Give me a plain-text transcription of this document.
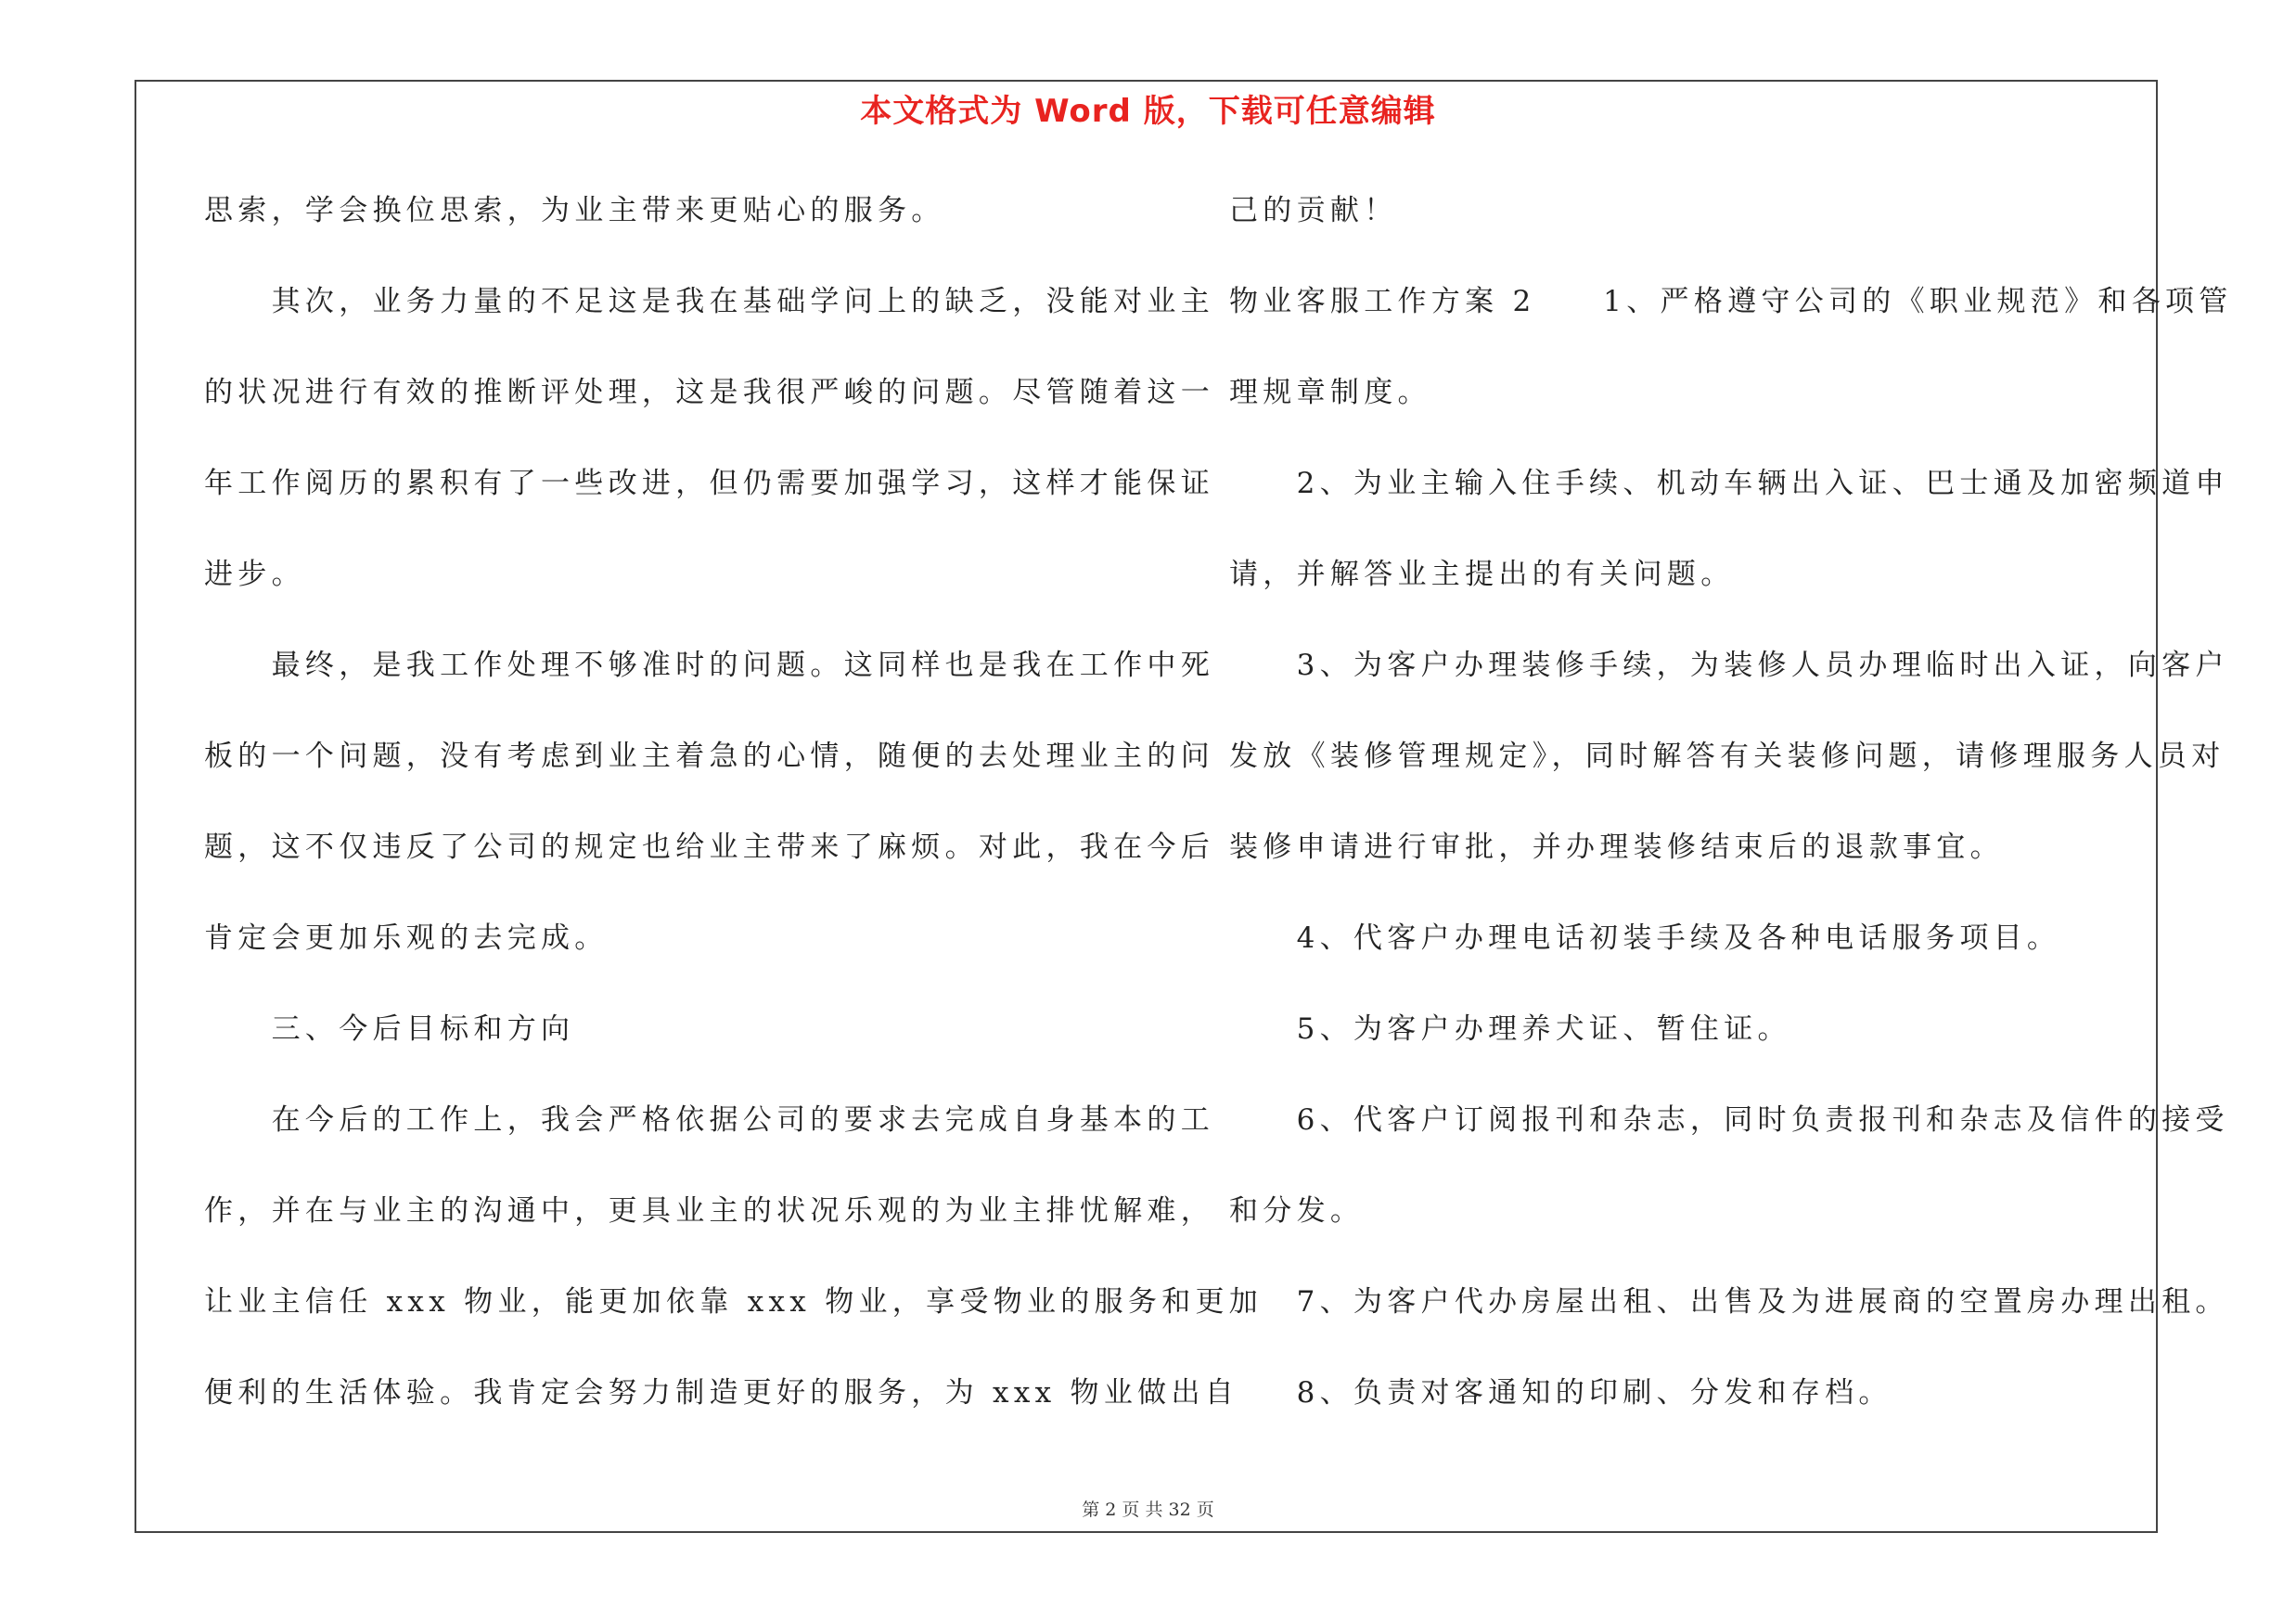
本文格式为 Word 版，下载可任意编辑
思索，学会换位思索，为业主带来更贴心的服务。
　　其次，业务力量的不足这是我在基础学问上的缺乏，没能对业主
的状况进行有效的推断评处理，这是我很严峻的问题。尽管随着这一
年工作阅历的累积有了一些改进，但仍需要加强学习，这样才能保证
进步。
　　最终，是我工作处理不够准时的问题。这同样也是我在工作中死
板的一个问题，没有考虑到业主着急的心情，随便的去处理业主的问
题，这不仅违反了公司的规定也给业主带来了麻烦。对此，我在今后
肯定会更加乐观的去完成。
　　三、今后目标和方向
　　在今后的工作上，我会严格依据公司的要求去完成自身基本的工
作，并在与业主的沟通中，更具业主的状况乐观的为业主排忧解难，
让业主信任 xxx 物业，能更加依靠 xxx 物业，享受物业的服务和更加
便利的生活体验。我肯定会努力制造更好的服务，为 xxx 物业做出自
己的贡献！
物业客服工作方案 2　　1、严格遵守公司的《职业规范》和各项管
理规章制度。
　　2、为业主输入住手续、机动车辆出入证、巴士通及加密频道申
请，并解答业主提出的有关问题。
　　3、为客户办理装修手续，为装修人员办理临时出入证，向客户
发放《装修管理规定》，同时解答有关装修问题，请修理服务人员对
装修申请进行审批，并办理装修结束后的退款事宜。
　　4、代客户办理电话初装手续及各种电话服务项目。
　　5、为客户办理养犬证、暂住证。
　　6、代客户订阅报刊和杂志，同时负责报刊和杂志及信件的接受
和分发。
　　7、为客户代办房屋出租、出售及为进展商的空置房办理出租。
　　8、负责对客通知的印刷、分发和存档。
第 2 页 共 32 页
